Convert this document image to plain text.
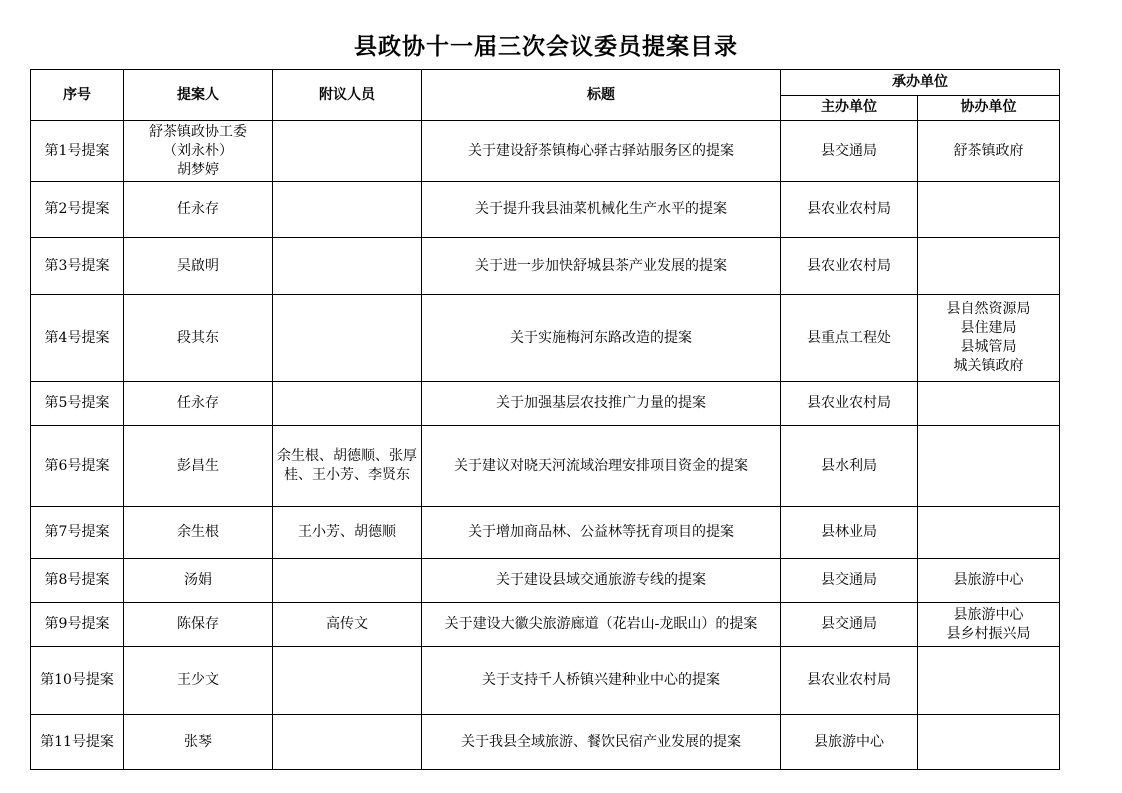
县政协十一届三次会议委员提案目录
序号	提案人	附议人员	标题	承办单位	
				主办单位	协办单位
第1号提案	舒茶镇政协工委
（刘永朴）
胡梦婷		关于建设舒茶镇梅心驿古驿站服务区的提案	县交通局	舒茶镇政府

第2号提案	任永存		关于提升我县油菜机械化生产水平的提案	县农业农村局	
第3号提案	吴啟明		关于进一步加快舒城县茶产业发展的提案	县农业农村局	
第4号提案	段其东		关于实施梅河东路改造的提案	县重点工程处	县自然资源局
县住建局
县城管局
城关镇政府

第5号提案	任永存		关于加强基层农技推广力量的提案	县农业农村局	
第6号提案	彭昌生	余生根、胡德顺、张厚桂、王小芳、李贤东	关于建议对晓天河流域治理安排项目资金的提案	县水利局	
第7号提案	余生根	王小芳、胡德顺	关于增加商品林、公益林等抚育项目的提案	县林业局	
第8号提案	汤娟		关于建设县域交通旅游专线的提案	县交通局	县旅游中心

第9号提案	陈保存	高传文	关于建设大徽尖旅游廊道（花岩山-龙眠山）的提案	县交通局	县旅游中心
县乡村振兴局

第10号提案	王少文		关于支持千人桥镇兴建种业中心的提案	县农业农村局	
第11号提案	张琴		关于我县全域旅游、餐饮民宿产业发展的提案	县旅游中心	
